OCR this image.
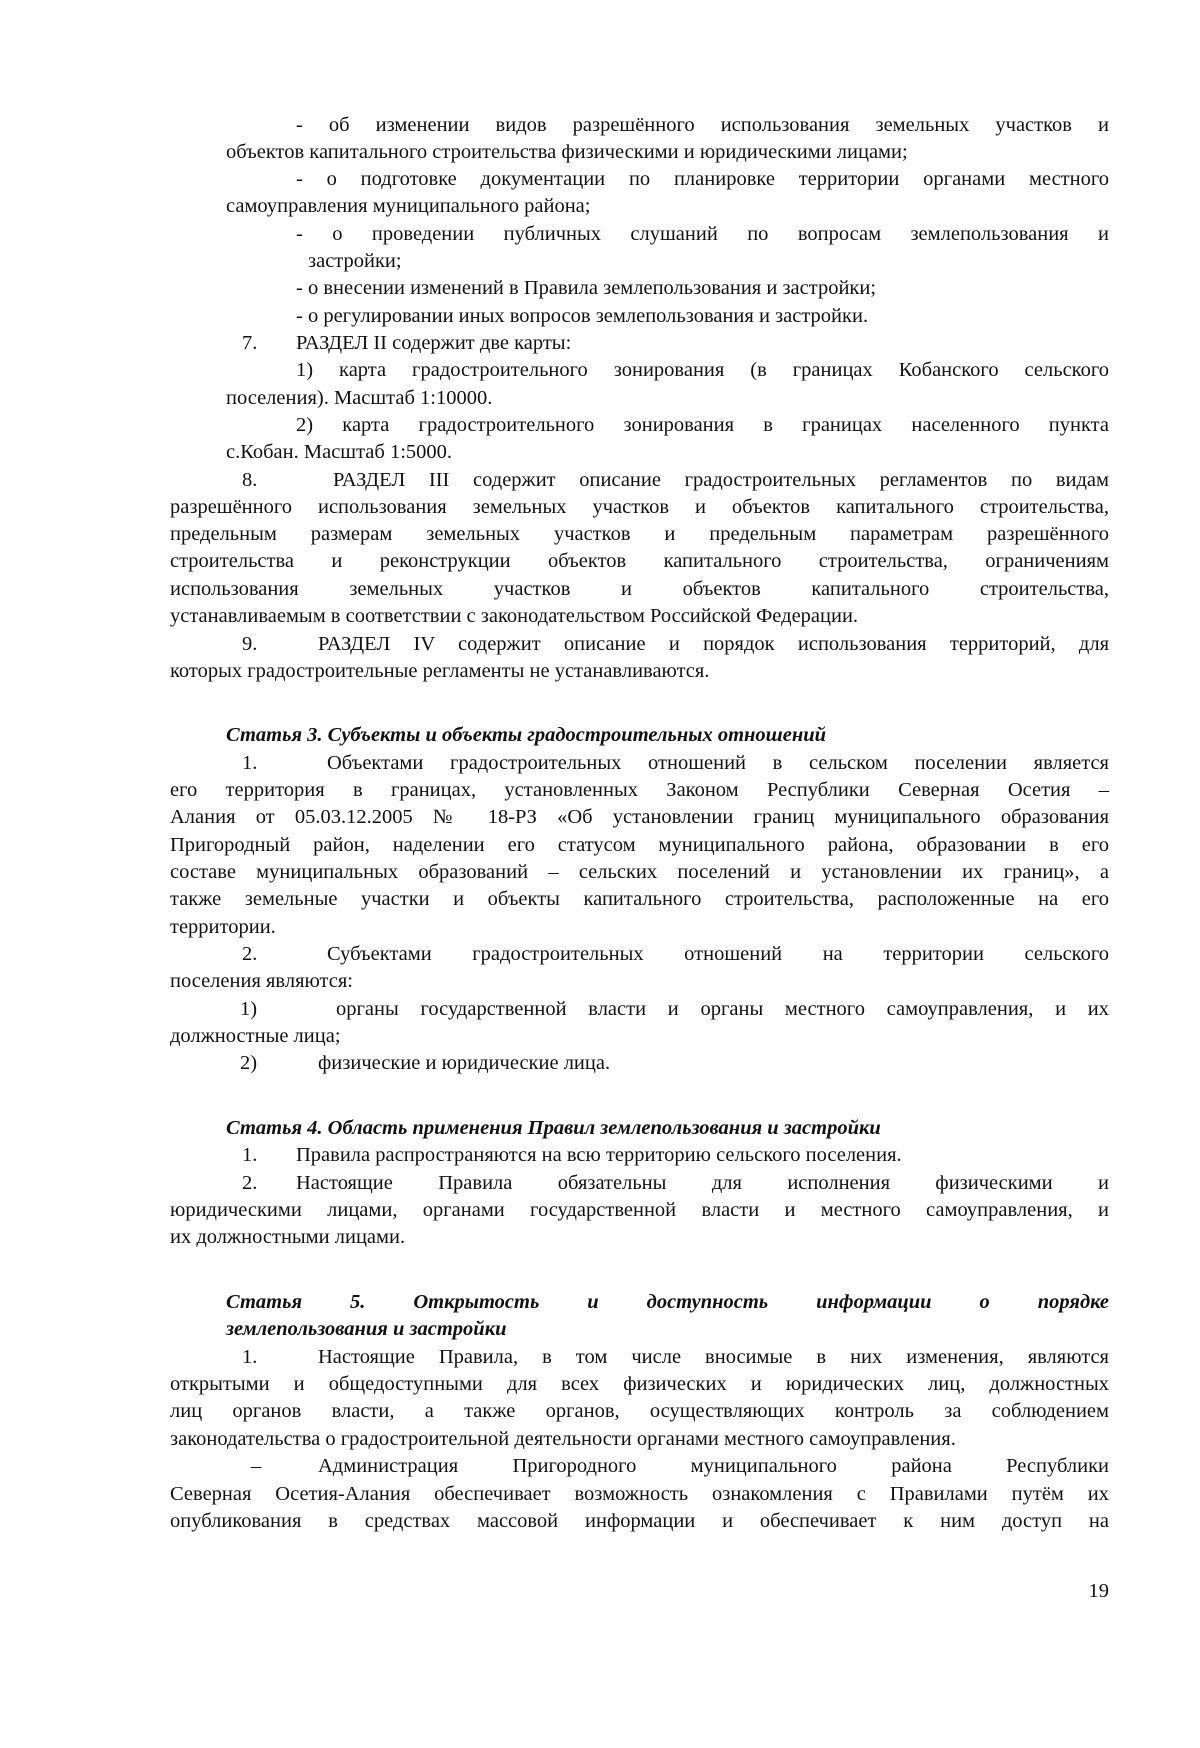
- об изменении видов разрешённого использования земельных участков и
объектов капитального строительства физическими и юридическими лицами;
- о подготовке документации по планировке территории органами местного
самоуправления муниципального района;
- о проведении публичных слушаний по вопросам землепользования и
застройки;
- о внесении изменений в Правила землепользования и застройки;
- о регулировании иных вопросов землепользования и застройки.
7.	РАЗДЕЛ II содержит две карты:
1) карта градостроительного зонирования (в границах Кобанского сельского
поселения). Масштаб 1:10000.
2) карта градостроительного зонирования в границах населенного пункта
с.Кобан. Масштаб 1:5000.
8.	РАЗДЕЛ III содержит описание градостроительных регламентов по видам
разрешённого использования земельных участков и объектов капитального строительства,
предельным размерам земельных участков и предельным параметрам разрешённого
строительства и реконструкции объектов капитального строительства, ограничениям
использования земельных участков и объектов капитального строительства,
устанавливаемым в соответствии с законодательством Российской Федерации.
9.	РАЗДЕЛ IV содержит описание и порядок использования территорий, для
которых градостроительные регламенты не устанавливаются.
Статья 3. Субъекты и объекты градостроительных отношений
1.	Объектами градостроительных отношений в сельском поселении является
его территория в границах, установленных Законом Республики Северная Осетия –
Алания от 05.03.12.2005 № 18-РЗ «Об установлении границ муниципального образования
Пригородный район, наделении его статусом муниципального района, образовании в его
составе муниципальных образований – сельских поселений и установлении их границ», а
также земельные участки и объекты капитального строительства, расположенные на его
территории.
2.	Субъектами градостроительных отношений на территории сельского
поселения являются:
1)	органы государственной власти и органы местного самоуправления, и их
должностные лица;
2)	физические и юридические лица.
Статья 4. Область применения Правил землепользования и застройки
1.	Правила распространяются на всю территорию сельского поселения.
2.	Настоящие Правила обязательны для исполнения физическими и
юридическими лицами, органами государственной власти и местного самоуправления, и
их должностными лицами.
Статья 5. Открытость и доступность информации о порядке
землепользования и застройки
1.	Настоящие Правила, в том числе вносимые в них изменения, являются
открытыми и общедоступными для всех физических и юридических лиц, должностных
лиц органов власти, а также органов, осуществляющих контроль за соблюдением
законодательства о градостроительной деятельности органами местного самоуправления.
–	Администрация Пригородного муниципального района Республики
Северная Осетия-Алания обеспечивает возможность ознакомления с Правилами путём их
опубликования в средствах массовой информации и обеспечивает к ним доступ на
19
